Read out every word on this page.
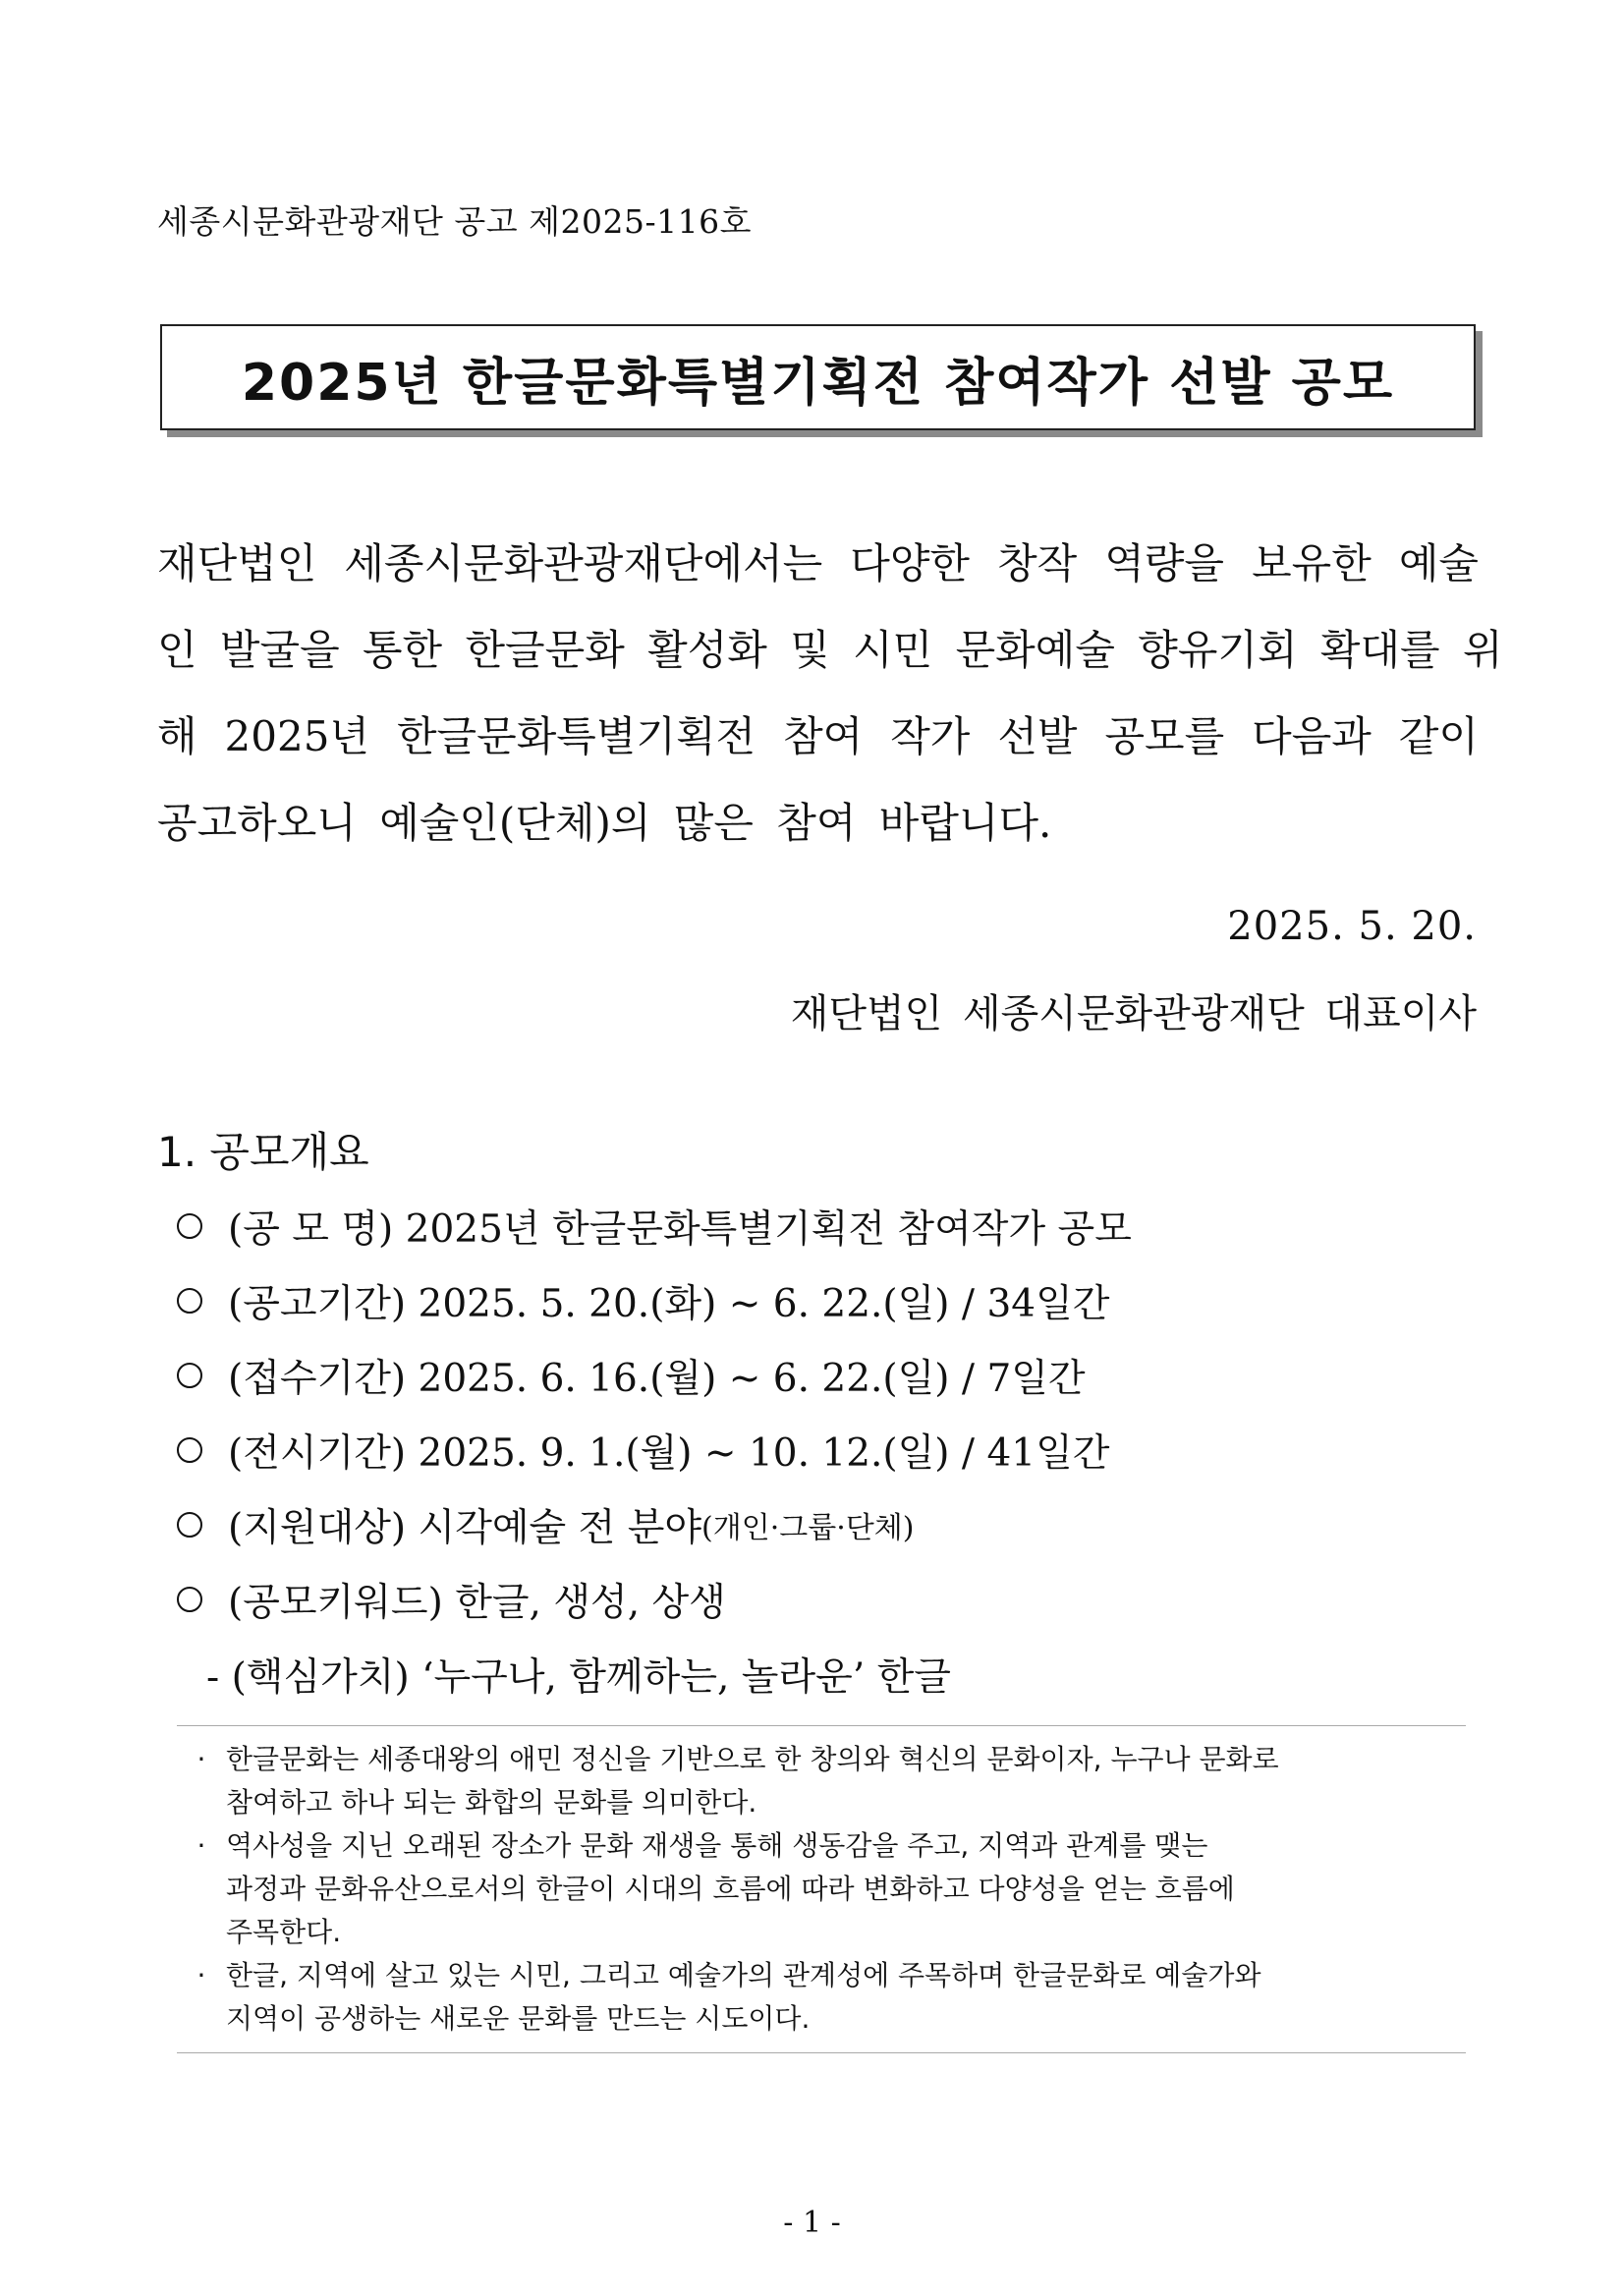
세종시문화관광재단 공고 제2025-116호
2025년 한글문화특별기획전 참여작가 선발 공모
재단법인 세종시문화관광재단에서는 다양한 창작 역량을 보유한 예술
인 발굴을 통한 한글문화 활성화 및 시민 문화예술 향유기회 확대를 위
해 2025년 한글문화특별기획전 참여 작가 선발 공모를 다음과 같이
공고하오니 예술인(단체)의 많은 참여 바랍니다.
2025. 5. 20.
재단법인 세종시문화관광재단 대표이사
1. 공모개요
(공 모 명) 2025년 한글문화특별기획전 참여작가 공모
(공고기간) 2025. 5. 20.(화) ~ 6. 22.(일) / 34일간
(접수기간) 2025. 6. 16.(월) ~ 6. 22.(일) / 7일간
(전시기간) 2025. 9. 1.(월) ~ 10. 12.(일) / 41일간
(지원대상) 시각예술 전 분야 (개인·그룹·단체)
(공모키워드) 한글, 생성, 상생
- (핵심가치) ‘누구나, 함께하는, 놀라운’ 한글
· 한글문화는 세종대왕의 애민 정신을 기반으로 한 창의와 혁신의 문화이자, 누구나 문화로
참여하고 하나 되는 화합의 문화를 의미한다.
· 역사성을 지닌 오래된 장소가 문화 재생을 통해 생동감을 주고, 지역과 관계를 맺는
과정과 문화유산으로서의 한글이 시대의 흐름에 따라 변화하고 다양성을 얻는 흐름에
주목한다.
· 한글, 지역에 살고 있는 시민, 그리고 예술가의 관계성에 주목하며 한글문화로 예술가와
지역이 공생하는 새로운 문화를 만드는 시도이다.
- 1 -
